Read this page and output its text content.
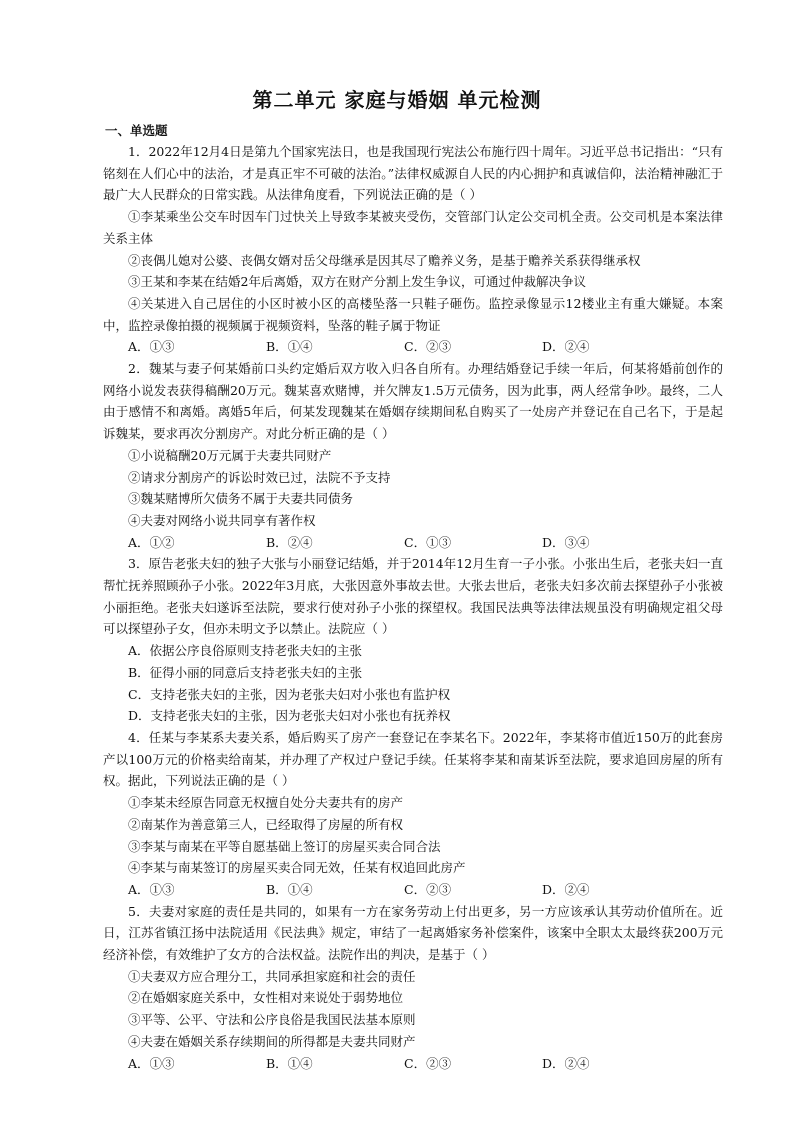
第二单元 家庭与婚姻 单元检测
一、单选题

1．2022年12月4日是第九个国家宪法日，也是我国现行宪法公布施行四十周年。习近平总书记指出：“只有铭刻在人们心中的法治，才是真正牢不可破的法治。”法律权威源自人民的内心拥护和真诚信仰，法治精神融汇于最广大人民群众的日常实践。从法律角度看，下列说法正确的是（ ）

①李某乘坐公交车时因车门过快关上导致李某被夹受伤，交管部门认定公交司机全责。公交司机是本案法律关系主体

②丧偶儿媳对公婆、丧偶女婿对岳父母继承是因其尽了赡养义务，是基于赡养关系获得继承权

③王某和李某在结婚2年后离婚，双方在财产分割上发生争议，可通过仲裁解决争议

④关某进入自己居住的小区时被小区的高楼坠落一只鞋子砸伤。监控录像显示12楼业主有重大嫌疑。本案中，监控录像拍摄的视频属于视频资料，坠落的鞋子属于物证

A．①③	B．①④	C．②③	D．②④

2．魏某与妻子何某婚前口头约定婚后双方收入归各自所有。办理结婚登记手续一年后，何某将婚前创作的网络小说发表获得稿酬20万元。魏某喜欢赌博，并欠牌友1.5万元债务，因为此事，两人经常争吵。最终，二人由于感情不和离婚。离婚5年后，何某发现魏某在婚姻存续期间私自购买了一处房产并登记在自己名下，于是起诉魏某，要求再次分割房产。对此分析正确的是（ ）

①小说稿酬20万元属于夫妻共同财产

②请求分割房产的诉讼时效已过，法院不予支持

③魏某赌博所欠债务不属于夫妻共同债务

④夫妻对网络小说共同享有著作权

A．①②	B．②④	C．①③	D．③④

3．原告老张夫妇的独子大张与小丽登记结婚，并于2014年12月生育一子小张。小张出生后，老张夫妇一直帮忙抚养照顾孙子小张。2022年3月底，大张因意外事故去世。大张去世后，老张夫妇多次前去探望孙子小张被小丽拒绝。老张夫妇遂诉至法院，要求行使对孙子小张的探望权。我国民法典等法律法规虽没有明确规定祖父母可以探望孙子女，但亦未明文予以禁止。法院应（ ）

A．依据公序良俗原则支持老张夫妇的主张

B．征得小丽的同意后支持老张夫妇的主张

C．支持老张夫妇的主张，因为老张夫妇对小张也有监护权

D．支持老张夫妇的主张，因为老张夫妇对小张也有抚养权

4．任某与李某系夫妻关系，婚后购买了房产一套登记在李某名下。2022年，李某将市值近150万的此套房产以100万元的价格卖给南某，并办理了产权过户登记手续。任某将李某和南某诉至法院，要求追回房屋的所有权。据此，下列说法正确的是（ ）

①李某未经原告同意无权擅自处分夫妻共有的房产

②南某作为善意第三人，已经取得了房屋的所有权

③李某与南某在平等自愿基础上签订的房屋买卖合同合法

④李某与南某签订的房屋买卖合同无效，任某有权追回此房产

A．①③	B．①④	C．②③	D．②④

5．夫妻对家庭的责任是共同的，如果有一方在家务劳动上付出更多，另一方应该承认其劳动价值所在。近日，江苏省镇江扬中法院适用《民法典》规定，审结了一起离婚家务补偿案件，该案中全职太太最终获200万元经济补偿，有效维护了女方的合法权益。法院作出的判决，是基于（ ）

①夫妻双方应合理分工，共同承担家庭和社会的责任

②在婚姻家庭关系中，女性相对来说处于弱势地位

③平等、公平、守法和公序良俗是我国民法基本原则

④夫妻在婚姻关系存续期间的所得都是夫妻共同财产

A．①③	B．①④	C．②③	D．②④
